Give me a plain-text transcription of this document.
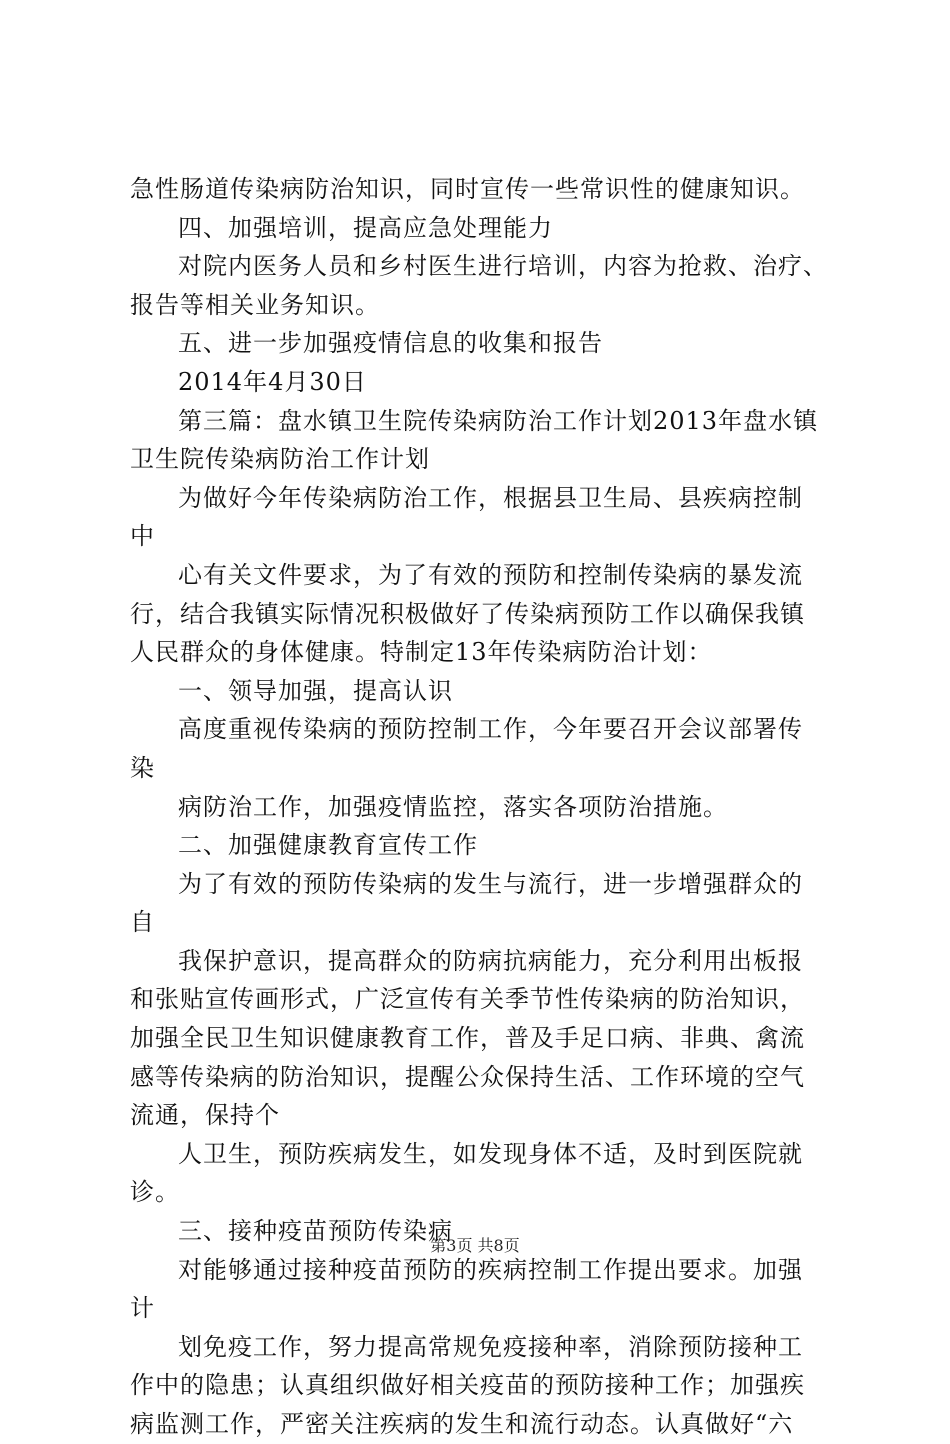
急性肠道传染病防治知识，同时宣传一些常识性的健康知识。
四、加强培训，提高应急处理能力
对院内医务人员和乡村医生进行培训，内容为抢救、治疗、
报告等相关业务知识。
五、进一步加强疫情信息的收集和报告
2014年4月30日
第三篇：盘水镇卫生院传染病防治工作计划2013年盘水镇
卫生院传染病防治工作计划
为做好今年传染病防治工作，根据县卫生局、县疾病控制
中
心有关文件要求，为了有效的预防和控制传染病的暴发流
行，结合我镇实际情况积极做好了传染病预防工作以确保我镇
人民群众的身体健康。特制定13年传染病防治计划：
一、领导加强，提高认识
高度重视传染病的预防控制工作，今年要召开会议部署传
染
病防治工作，加强疫情监控，落实各项防治措施。
二、加强健康教育宣传工作
为了有效的预防传染病的发生与流行，进一步增强群众的
自
我保护意识，提高群众的防病抗病能力，充分利用出板报
和张贴宣传画形式，广泛宣传有关季节性传染病的防治知识，
加强全民卫生知识健康教育工作，普及手足口病、非典、禽流
感等传染病的防治知识，提醒公众保持生活、工作环境的空气
流通，保持个
人卫生，预防疾病发生，如发现身体不适，及时到医院就
诊。
三、接种疫苗预防传染病
对能够通过接种疫苗预防的疾病控制工作提出要求。加强
计
划免疫工作，努力提高常规免疫接种率，消除预防接种工
作中的隐患；认真组织做好相关疫苗的预防接种工作；加强疾
病监测工作，严密关注疾病的发生和流行动态。认真做好“六
第3页 共8页
